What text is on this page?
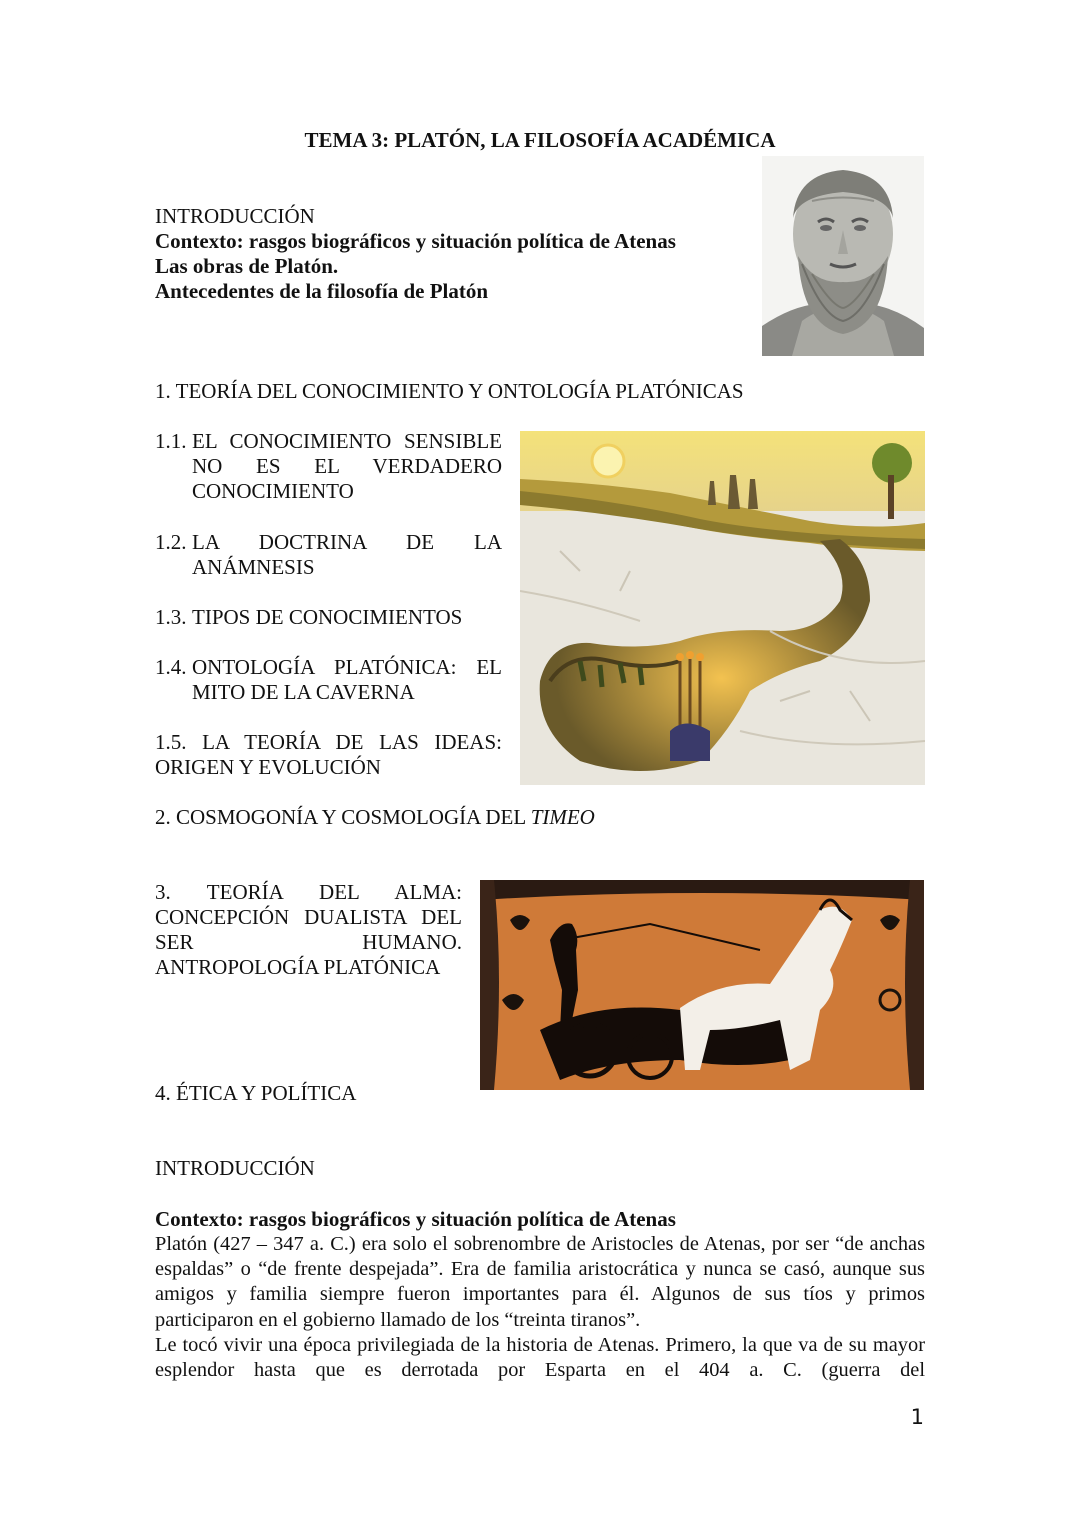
TEMA 3: PLATÓN, LA FILOSOFÍA ACADÉMICA
INTRODUCCIÓN
Contexto: rasgos biográficos y situación política de Atenas
Las obras de Platón.
Antecedentes de la filosofía de Platón
1. TEORÍA DEL CONOCIMIENTO Y ONTOLOGÍA PLATÓNICAS
1.1. EL CONOCIMIENTO SENSIBLE
NO ES EL VERDADERO
CONOCIMIENTO
1.2. LA DOCTRINA DE LA
ANÁMNESIS
1.3. TIPOS DE CONOCIMIENTOS
1.4. ONTOLOGÍA PLATÓNICA: EL
MITO DE LA CAVERNA
1.5. LA TEORÍA DE LAS IDEAS:
ORIGEN Y EVOLUCIÓN
2. COSMOGONÍA Y COSMOLOGÍA DEL TIMEO
3. TEORÍA DEL ALMA:
CONCEPCIÓN DUALISTA DEL
SER HUMANO.
ANTROPOLOGÍA PLATÓNICA
4. ÉTICA Y POLÍTICA
INTRODUCCIÓN
Contexto: rasgos biográficos y situación política de Atenas
Platón (427 – 347 a. C.) era solo el sobrenombre de Aristocles de Atenas, por ser “de anchas espaldas” o “de frente despejada”. Era de familia aristocrática y nunca se casó, aunque sus amigos y familia siempre fueron importantes para él. Algunos de sus tíos y primos participaron en el gobierno llamado de los “treinta tiranos”.
Le tocó vivir una época privilegiada de la historia de Atenas. Primero, la que va de su mayor esplendor hasta que es derrotada por Esparta en el 404 a. C. (guerra del
1
